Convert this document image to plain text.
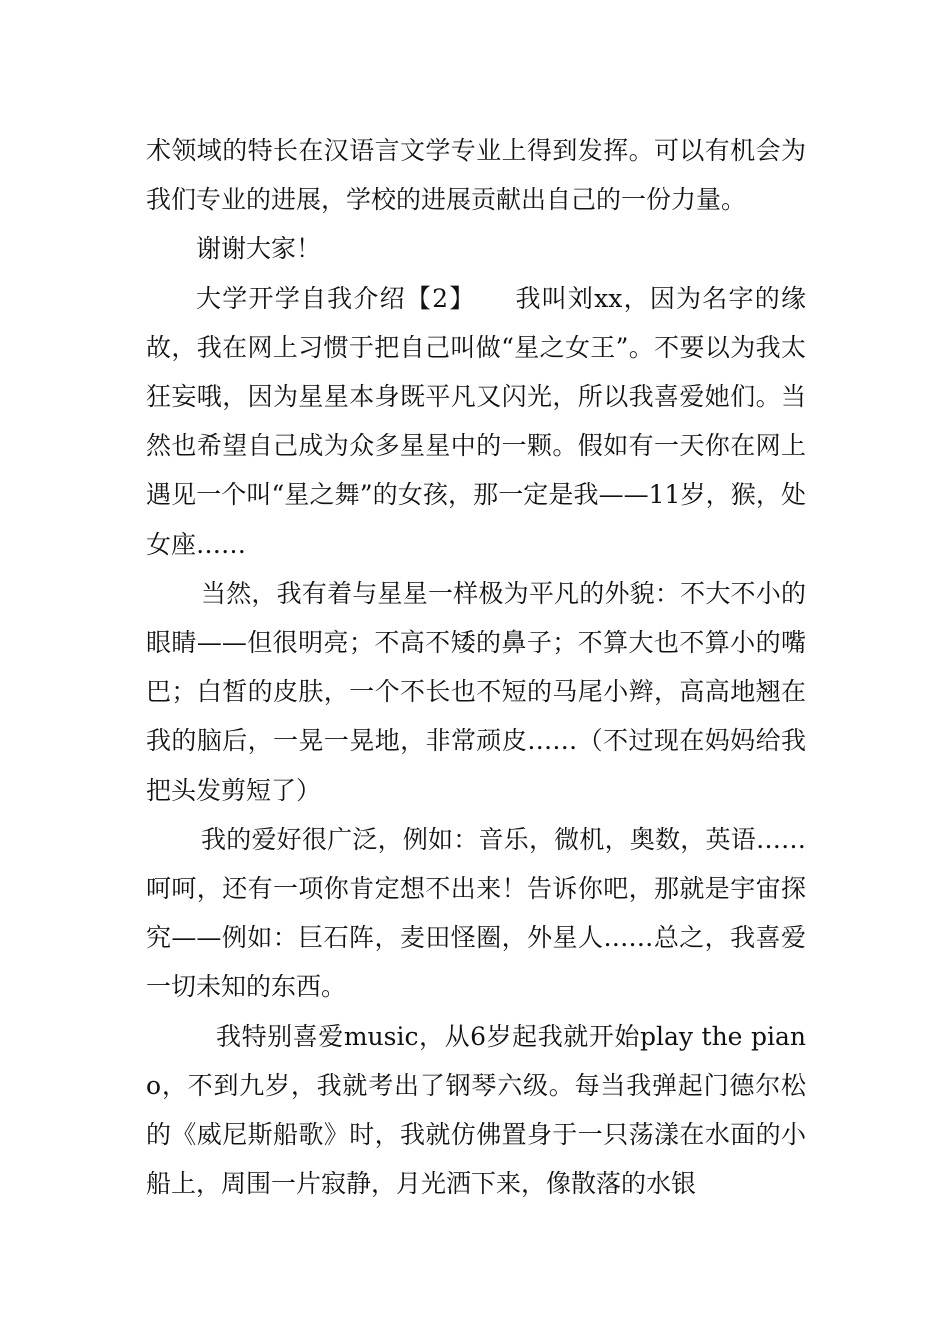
术领域的特长在汉语言文学专业上得到发挥。可以有机会为我们专业的进展，学校的进展贡献出自己的一份力量。

谢谢大家！

大学开学自我介绍【2】　　我叫刘xx，因为名字的缘故，我在网上习惯于把自己叫做“星之女王”。不要以为我太狂妄哦，因为星星本身既平凡又闪光，所以我喜爱她们。当然也希望自己成为众多星星中的一颗。假如有一天你在网上遇见一个叫“星之舞”的女孩，那一定是我——11岁，猴，处女座……

当然，我有着与星星一样极为平凡的外貌：不大不小的眼睛——但很明亮；不高不矮的鼻子；不算大也不算小的嘴巴；白皙的皮肤，一个不长也不短的马尾小辫，高高地翘在我的脑后，一晃一晃地，非常顽皮……（不过现在妈妈给我把头发剪短了）

我的爱好很广泛，例如：音乐，微机，奥数，英语……呵呵，还有一项你肯定想不出来！告诉你吧，那就是宇宙探究——例如：巨石阵，麦田怪圈，外星人……总之，我喜爱一切未知的东西。

我特别喜爱music，从6岁起我就开始play the piano，不到九岁，我就考出了钢琴六级。每当我弹起门德尔松的《威尼斯船歌》时，我就仿佛置身于一只荡漾在水面的小船上，周围一片寂静，月光洒下来，像散落的水银
